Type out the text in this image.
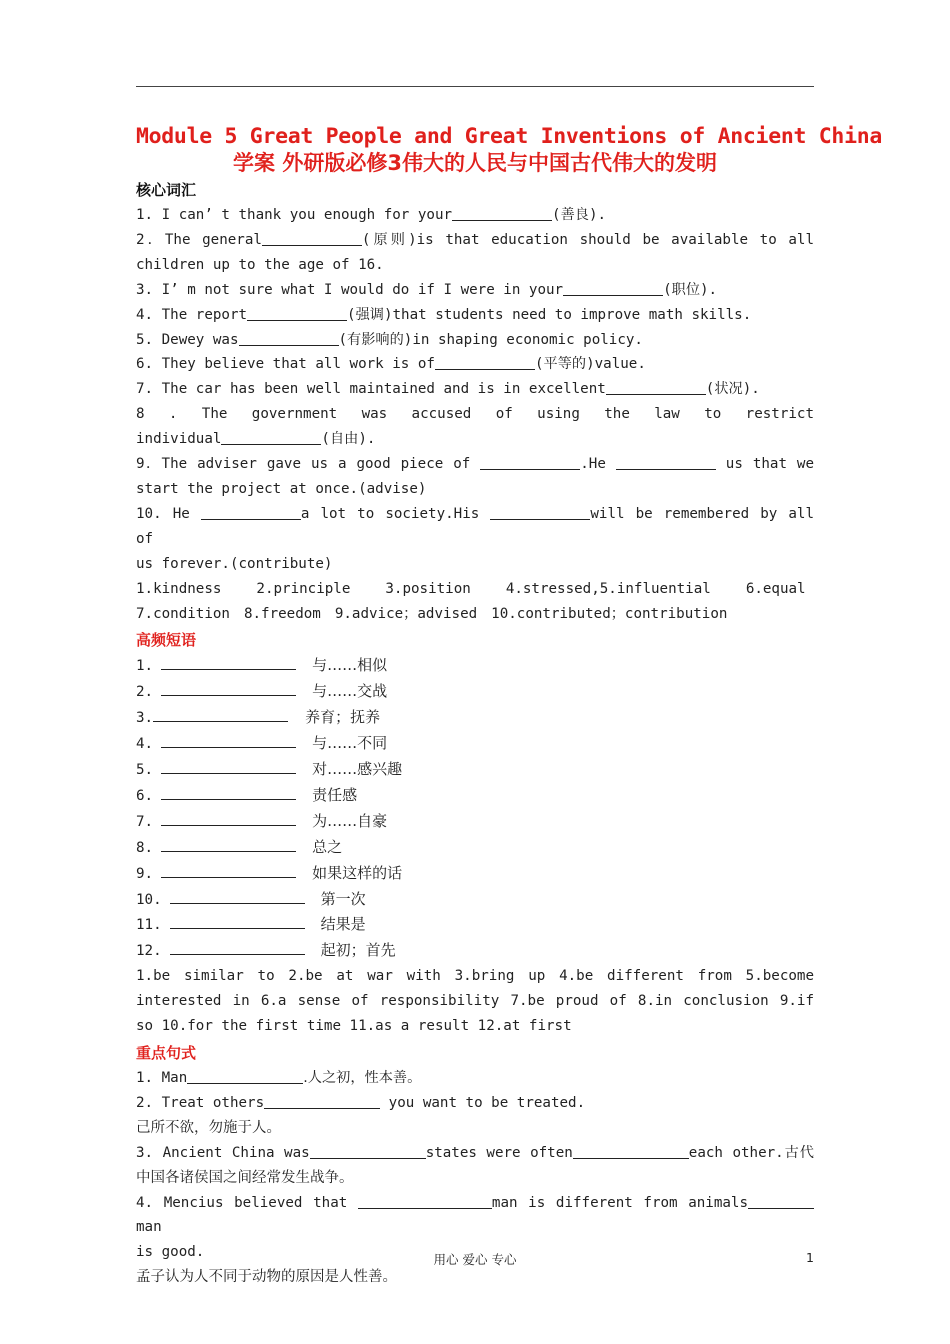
Module 5 Great People and Great Inventions of Ancient China
学案 外研版必修3伟大的人民与中国古代伟大的发明
核心词汇
1. I can’ t thank you enough for your	(善良).
2．The general	(原则)is that education should be available to all
children up to the age of 16.
3. I’ m not sure what I would do if I were in your	(职位).
4. The report	(强调)that students need to improve math skills.
5. Dewey was	(有影响的)in shaping economic policy.
6. They believe that all work is of	(平等的)value.
7. The car has been well maintained and is in excellent	(状况).
8 . The government was accused of using the law to restrict
individual	(自由).
9．The adviser gave us a good piece of	.He	us that we
start the project at once.(advise)
10. He	a lot to society.His	will be remembered by all of
us forever.(contribute)
1.kindness 2.principle 3.position 4.stressed,5.influential 6.equal
7.condition 8.freedom 9.advice；advised 10.contributed；contribution
高频短语
1.	与……相似
2.	与……交战
3.	养育；抚养
4.	与……不同
5.	对……感兴趣
6.	责任感
7.	为……自豪
8.	总之
9.	如果这样的话
10.	第一次
11.	结果是
12.	起初；首先
1.be similar to 2.be at war with 3.bring up 4.be different from 5.become
interested in 6.a sense of responsibility 7.be proud of 8.in conclusion 9.if
so 10.for the first time 11.as a result 12.at first
重点句式
1. Man	.人之初，性本善。
2. Treat others	you want to be treated.
己所不欲，勿施于人。
3. Ancient China was	states were often	each other.古代
中国各诸侯国之间经常发生战争。
4. Mencius believed that	man is different from animalsman
is good.
孟子认为人不同于动物的原因是人性善。
用心 爱心 专心	1
